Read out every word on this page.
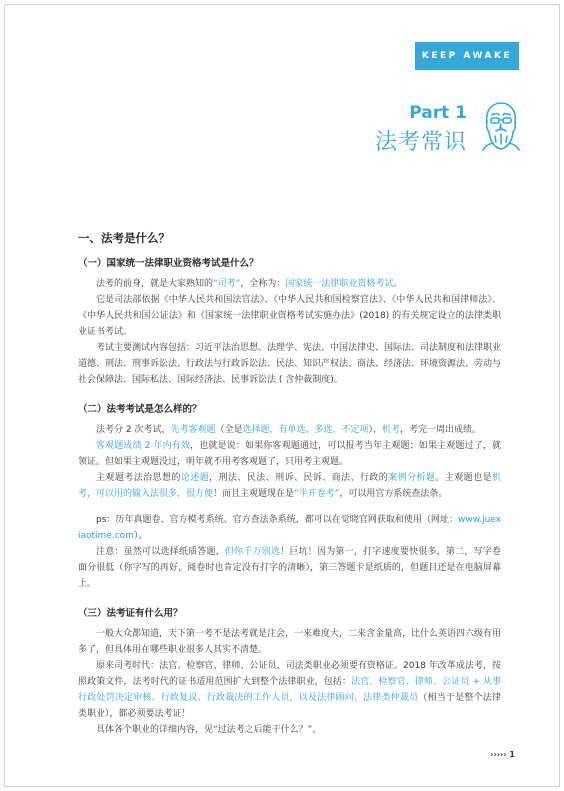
KEEP AWAKE
Part 1
法考常识
一、法考是什么？
（一）国家统一法律职业资格考试是什么？

法考的前身，就是大家熟知的“司考”，全称为：国家统一法律职业资格考试。

它是司法部依据《中华人民共和国法官法》、《中华人民共和国检察官法》、《中华人民共和国律师法》、《中华人民共和国公证法》和《国家统一法律职业资格考试实施办法》(2018) 的有关规定设立的法律类职业证书考试。

考试主要测试内容包括：习近平法治思想、法理学、宪法、中国法律史、国际法、司法制度和法律职业道德、刑法、刑事诉讼法、行政法与行政诉讼法、民法、知识产权法、商法、经济法、环境资源法、劳动与社会保障法、国际私法、国际经济法、民事诉讼法 ( 含仲裁制度)。

（二）法考考试是怎么样的？

法考分 2 次考试，先考客观题（全是选择题，有单选、多选、不定项），机考，考完一周出成绩。

客观题成绩 2 年内有效，也就是说：如果你客观题通过，可以报考当年主观题；如果主观题过了，就领证。但如果主观题没过，明年就不用考客观题了，只用考主观题。

主观题考法治思想的论述题，刑法、民法、刑诉、民诉、商法、行政的案例分析题。主观题也是机考，可以用的输入法很多，很方便！而且主观题现在是“半开卷考”，可以用官方系统查法条。

ps：历年真题卷、官方模考系统、官方查法条系统，都可以在觉晓官网获取和使用（网址：www.juexiaotime.com）。

注意：虽然可以选择纸质答题，但你千万别选！巨坑！因为第一，打字速度要快很多，第二，写字卷面分很低（你字写的再好，阅卷时也肯定没有打字的清晰），第三答题卡是纸质的，但题目还是在电脑屏幕上。

（三）法考证有什么用？

一般大众都知道，天下第一考不是法考就是注会，一来难度大，二来含金量高，比什么英语四六级有用多了，但具体用在哪些职业很多人其实不清楚。

原来司考时代：法官、检察官、律师、公证员，司法类职业必须要有资格证。2018 年改革成法考，按照政策文件，法考时代的证书适用范围扩大到整个法律职业，包括：法官、检察官、律师、公证员 + 从事行政处罚决定审核、行政复议、行政裁决的工作人员，以及法律顾问、法律类仲裁员（相当于是整个法律类职业），都必须要法考证！

具体各个职业的详细内容，见“过法考之后能干什么？”。

››››› 1
